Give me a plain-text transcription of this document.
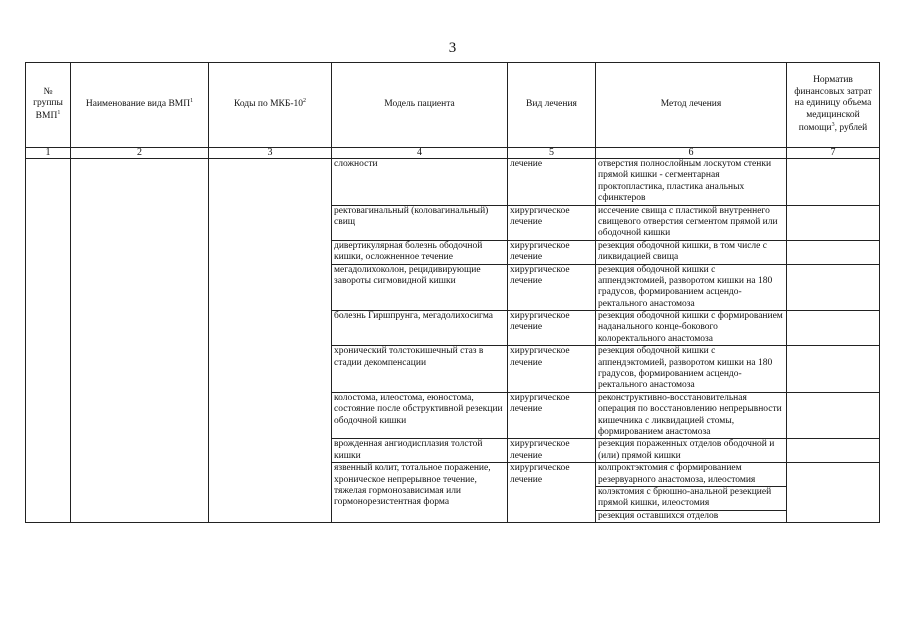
3
№ группы ВМП$^1$	Наименование вида ВМП$^1$	Коды по МКБ-$10^2$	Модель пациента	Вид лечения	Метод лечения	Норматив финансовых затрат на единицу объема медицинской помощи$^3$, рублей
1	2	3	4	5	6	7
			сложности	лечение	отверстия полнослойным лоскутом стенки прямой кишки - сегментарная проктопластика, пластика анальных сфинктеров	

			ректовагинальный (коловагинальный) свищ	хирургическое лечение	иссечение свища с пластикой внутреннего свищевого отверстия сегментом прямой или ободочной кишки	

			дивертикулярная болезнь ободочной кишки, осложненное течение	хирургическое лечение	резекция ободочной кишки, в том числе с ликвидацией свища	

			мегадолихоколон, рецидивирующие завороты сигмовидной кишки	хирургическое лечение	резекция ободочной кишки с аппендэктомией, разворотом кишки на 180 градусов, формированием асцендо-ректального анастомоза	

			болезнь Гиршпрунга, мегадолихосигма	хирургическое лечение	резекция ободочной кишки с формированием наданального конце-бокового колоректального анастомоза	

			хронический толстокишечный стаз в стадии декомпенсации	хирургическое лечение	резекция ободочной кишки с аппендэктомией, разворотом кишки на 180 градусов, формированием асцендо-ректального анастомоза	

			колостома, илеостома, еюностома, состояние после обструктивной резекции ободочной кишки	хирургическое лечение	реконструктивно-восстановительная операция по восстановлению непрерывности кишечника с ликвидацией стомы, формированием анастомоза	

			врожденная ангиодисплазия толстой кишки	хирургическое лечение	резекция пораженных отделов ободочной и (или) прямой кишки	

			язвенный колит, тотальное поражение, хроническое непрерывное течение, тяжелая гормонозависимая или гормонорезистентная форма	хирургическое лечение	колпроктэктомия с формированием резервуарного анастомоза, илеостомия
колэктомия с брюшно-анальной резекцией прямой кишки, илеостомия
резекция оставшихся отделов	
